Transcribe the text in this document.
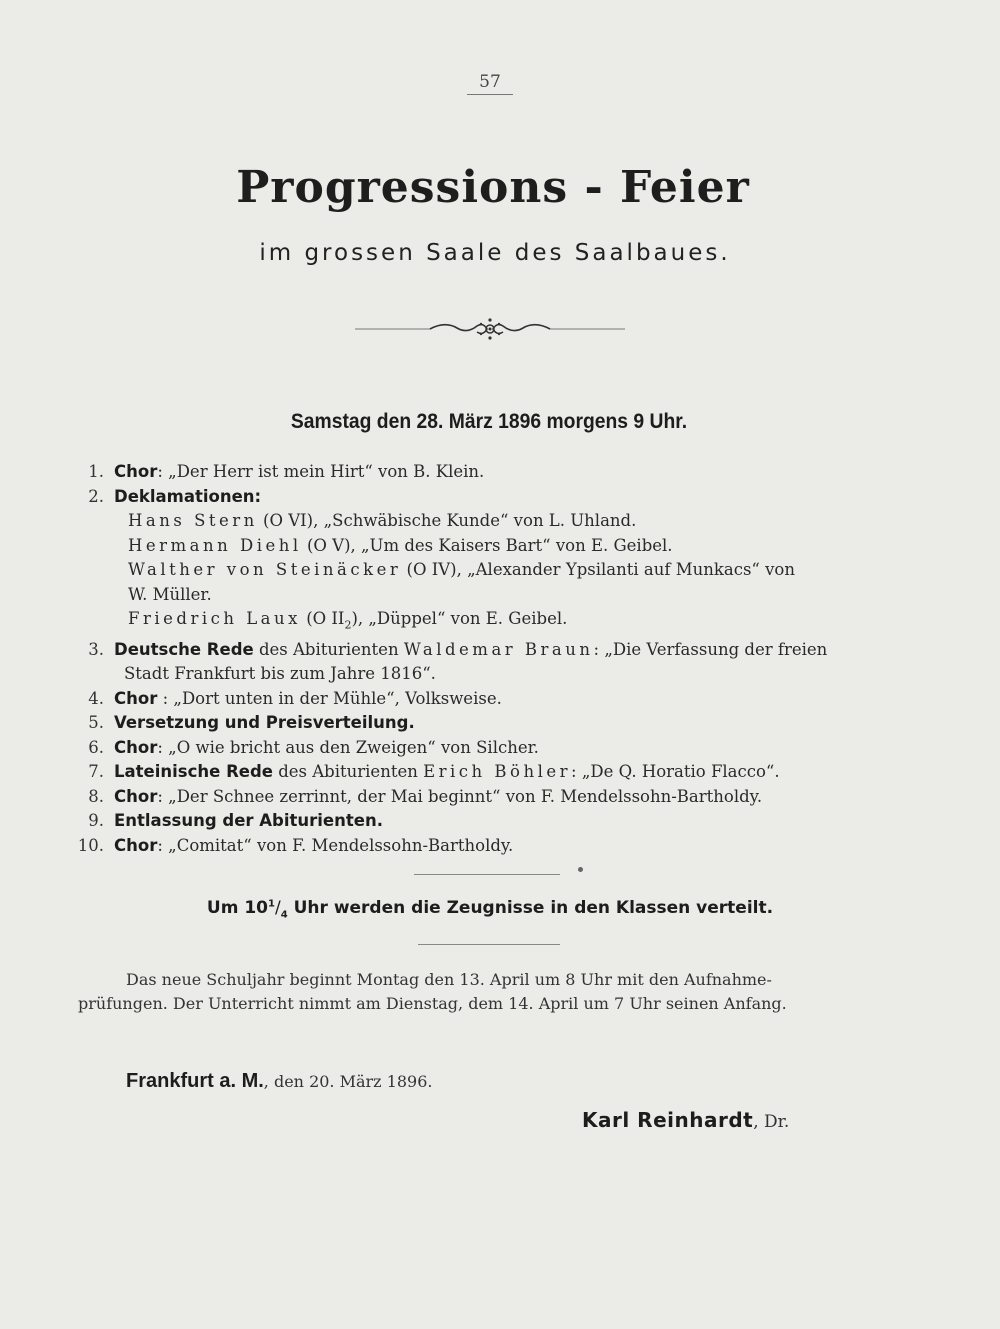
57
Progressions - Feier
im grossen Saale des Saalbaues.
Samstag den 28. März 1896 morgens 9 Uhr.
1. Chor: „Der Herr ist mein Hirt“ von B. Klein.
2. Deklamationen:
Hans Stern (O VI), „Schwäbische Kunde“ von L. Uhland.
Hermann Diehl (O V), „Um des Kaisers Bart“ von E. Geibel.
Walther von Steinäcker (O IV), „Alexander Ypsilanti auf Munkacs“ von
W. Müller.
Friedrich Laux (O $II_2$), „Düppel“ von E. Geibel.
3. Deutsche Rede des Abiturienten Waldemar Braun: „Die Verfassung der freien
Stadt Frankfurt bis zum Jahre 1816“.
4. Chor : „Dort unten in der Mühle“, Volksweise.
5. Versetzung und Preisverteilung.
6. Chor: „O wie bricht aus den Zweigen“ von Silcher.
7. Lateinische Rede des Abiturienten Erich Böhler: „De Q. Horatio Flacco“.
8. Chor: „Der Schnee zerrinnt, der Mai beginnt“ von F. Mendelssohn-Bartholdy.
9. Entlassung der Abiturienten.
10. Chor: „Comitat“ von F. Mendelssohn-Bartholdy.
Um $10^1/_4$ Uhr werden die Zeugnisse in den Klassen verteilt.
Das neue Schuljahr beginnt Montag den 13. April um 8 Uhr mit den Aufnahme-
prüfungen. Der Unterricht nimmt am Dienstag, dem 14. April um 7 Uhr seinen Anfang.
Frankfurt a. M., den 20. März 1896.
Karl Reinhardt, Dr.
